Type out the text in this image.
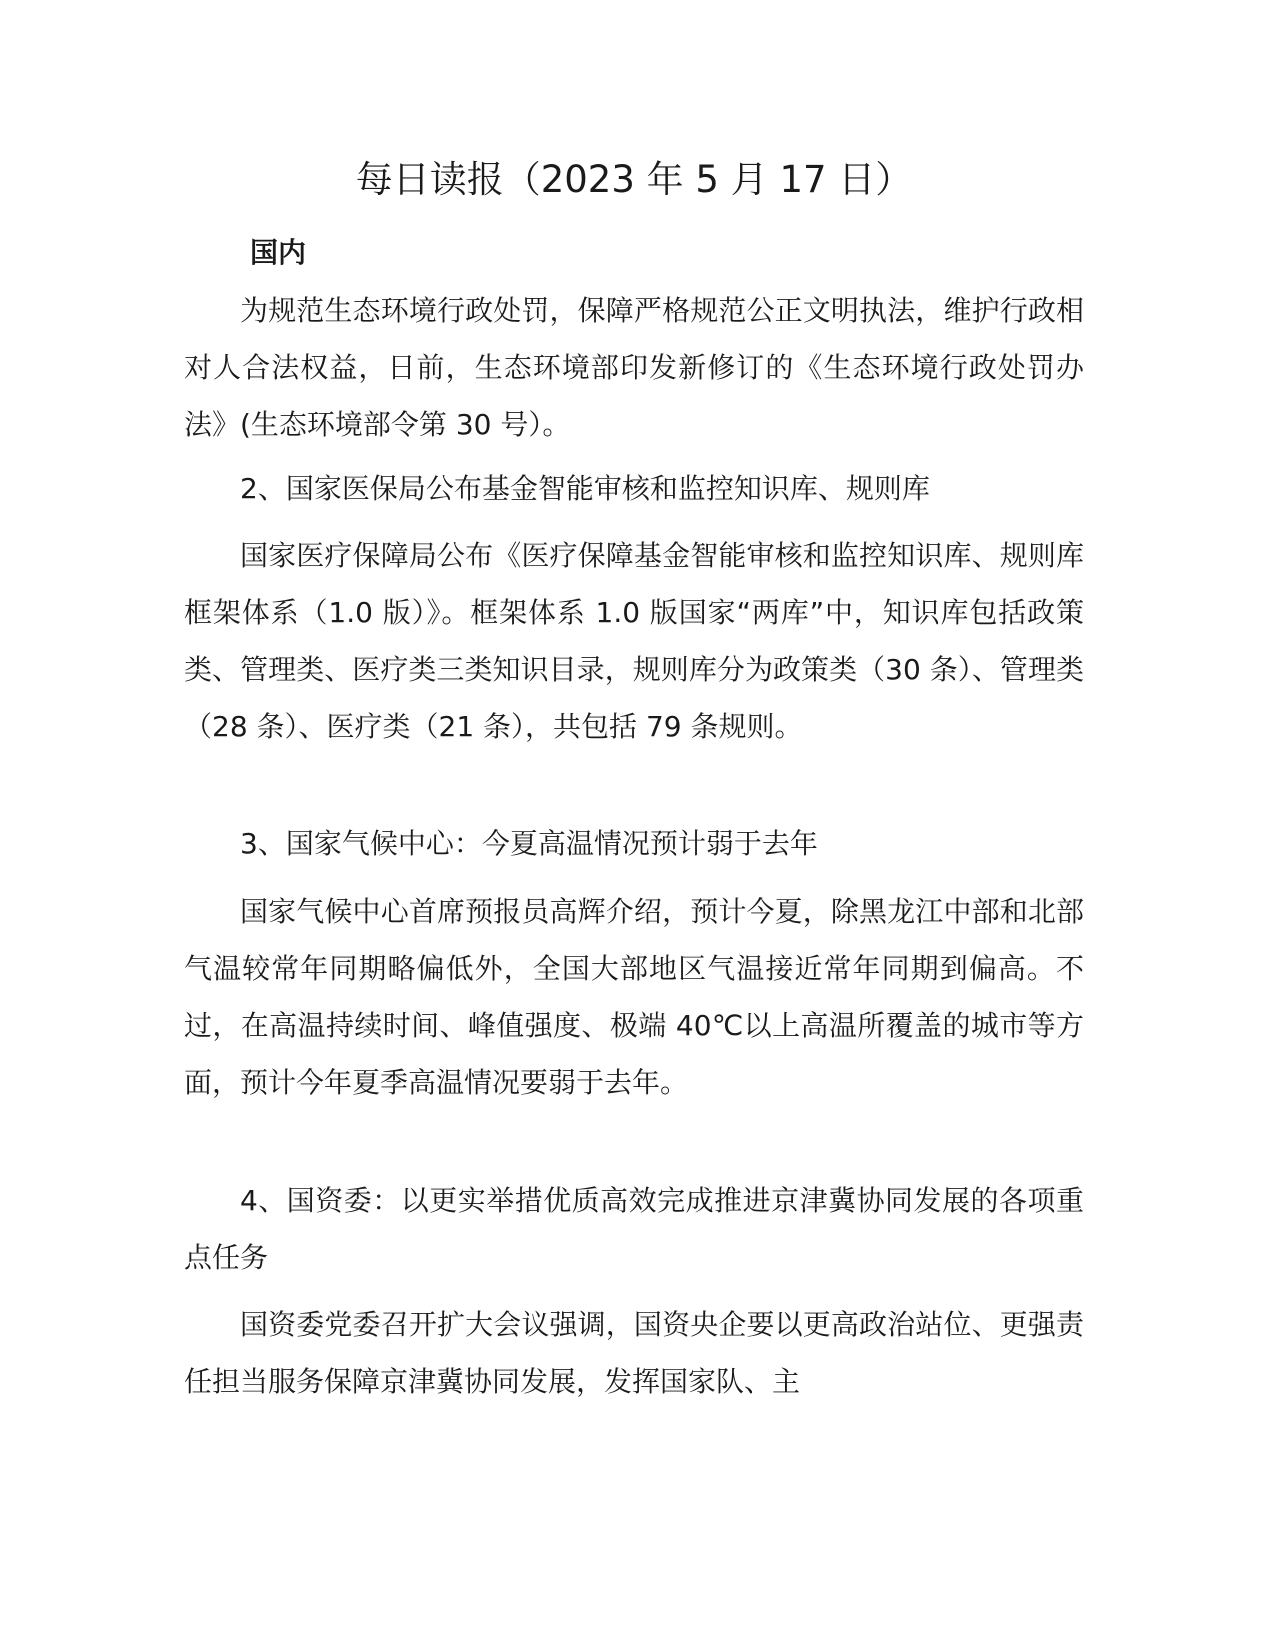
每日读报（2023 年 5 月 17 日）
国内

为规范生态环境行政处罚，保障严格规范公正文明执法，维护行政相对人合法权益，日前，生态环境部印发新修订的《生态环境行政处罚办法》(生态环境部令第 30 号）。

2、国家医保局公布基金智能审核和监控知识库、规则库

国家医疗保障局公布《医疗保障基金智能审核和监控知识库、规则库框架体系（1.0 版）》。框架体系 1.0 版国家“两库”中，知识库包括政策类、管理类、医疗类三类知识目录，规则库分为政策类（30 条）、管理类（28 条）、医疗类（21 条），共包括 79 条规则。

3、国家气候中心：今夏高温情况预计弱于去年

国家气候中心首席预报员高辉介绍，预计今夏，除黑龙江中部和北部气温较常年同期略偏低外，全国大部地区气温接近常年同期到偏高。不过，在高温持续时间、峰值强度、极端 40℃以上高温所覆盖的城市等方面，预计今年夏季高温情况要弱于去年。

4、国资委：以更实举措优质高效完成推进京津冀协同发展的各项重点任务

国资委党委召开扩大会议强调，国资央企要以更高政治站位、更强责任担当服务保障京津冀协同发展，发挥国家队、主
